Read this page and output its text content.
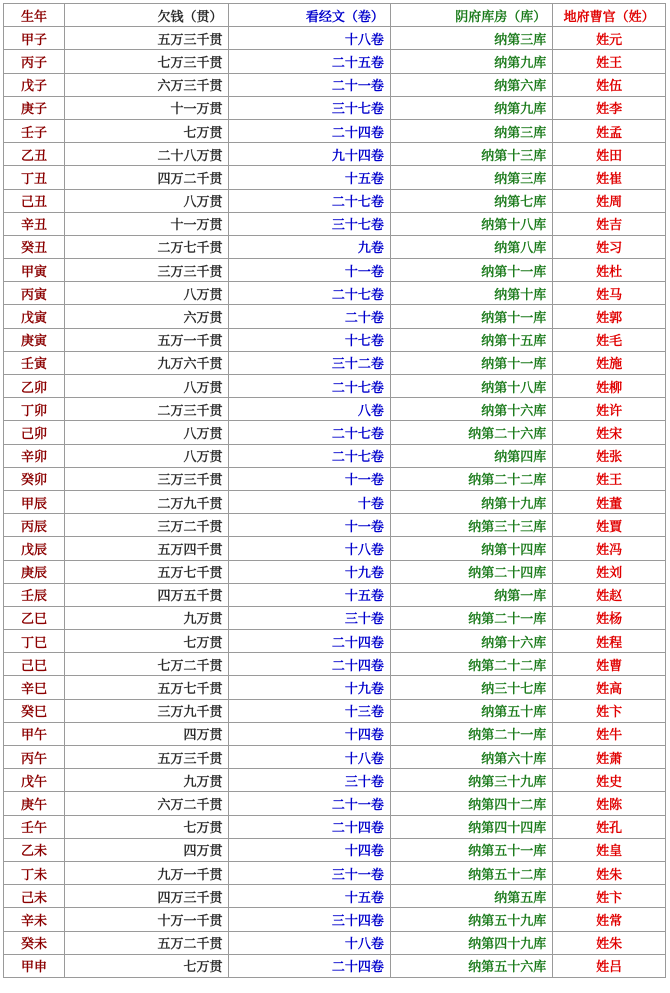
生年	欠钱（贯）	看经文（卷）	阴府库房（库）	地府曹官（姓）
甲子	五万三千贯	十八卷	纳第三库	姓元
丙子	七万三千贯	二十五卷	纳第九库	姓王
戊子	六万三千贯	二十一卷	纳第六库	姓伍
庚子	十一万贯	三十七卷	纳第九库	姓李
壬子	七万贯	二十四卷	纳第三库	姓孟
乙丑	二十八万贯	九十四卷	纳第十三库	姓田
丁丑	四万二千贯	十五卷	纳第三库	姓崔
己丑	八万贯	二十七卷	纳第七库	姓周
辛丑	十一万贯	三十七卷	纳第十八库	姓吉
癸丑	二万七千贯	九卷	纳第八库	姓习
甲寅	三万三千贯	十一卷	纳第十一库	姓杜
丙寅	八万贯	二十七卷	纳第十库	姓马
戊寅	六万贯	二十卷	纳第十一库	姓郭
庚寅	五万一千贯	十七卷	纳第十五库	姓毛
壬寅	九万六千贯	三十二卷	纳第十一库	姓施
乙卯	八万贯	二十七卷	纳第十八库	姓柳
丁卯	二万三千贯	八卷	纳第十六库	姓许
己卯	八万贯	二十七卷	纳第二十六库	姓宋
辛卯	八万贯	二十七卷	纳第四库	姓张
癸卯	三万三千贯	十一卷	纳第二十二库	姓王
甲辰	二万九千贯	十卷	纳第十九库	姓董
丙辰	三万二千贯	十一卷	纳第三十三库	姓賈
戊辰	五万四千贯	十八卷	纳第十四库	姓冯
庚辰	五万七千贯	十九卷	纳第二十四库	姓刘
壬辰	四万五千贯	十五卷	纳第一库	姓赵
乙巳	九万贯	三十卷	纳第二十一库	姓杨
丁巳	七万贯	二十四卷	纳第十六库	姓程
己巳	七万二千贯	二十四卷	纳第二十二库	姓曹
辛巳	五万七千贯	十九卷	纳三十七库	姓高
癸巳	三万九千贯	十三卷	纳第五十库	姓卞
甲午	四万贯	十四卷	纳第二十一库	姓牛
丙午	五万三千贯	十八卷	纳第六十库	姓萧
戊午	九万贯	三十卷	纳第三十九库	姓史
庚午	六万二千贯	二十一卷	纳第四十二库	姓陈
壬午	七万贯	二十四卷	纳第四十四库	姓孔
乙未	四万贯	十四卷	纳第五十一库	姓皇
丁未	九万一千贯	三十一卷	纳第五十二库	姓朱
己未	四万三千贯	十五卷	纳第五库	姓卞
辛未	十万一千贯	三十四卷	纳第五十九库	姓常
癸未	五万二千贯	十八卷	纳第四十九库	姓朱
甲申	七万贯	二十四卷	纳第五十六库	姓吕
